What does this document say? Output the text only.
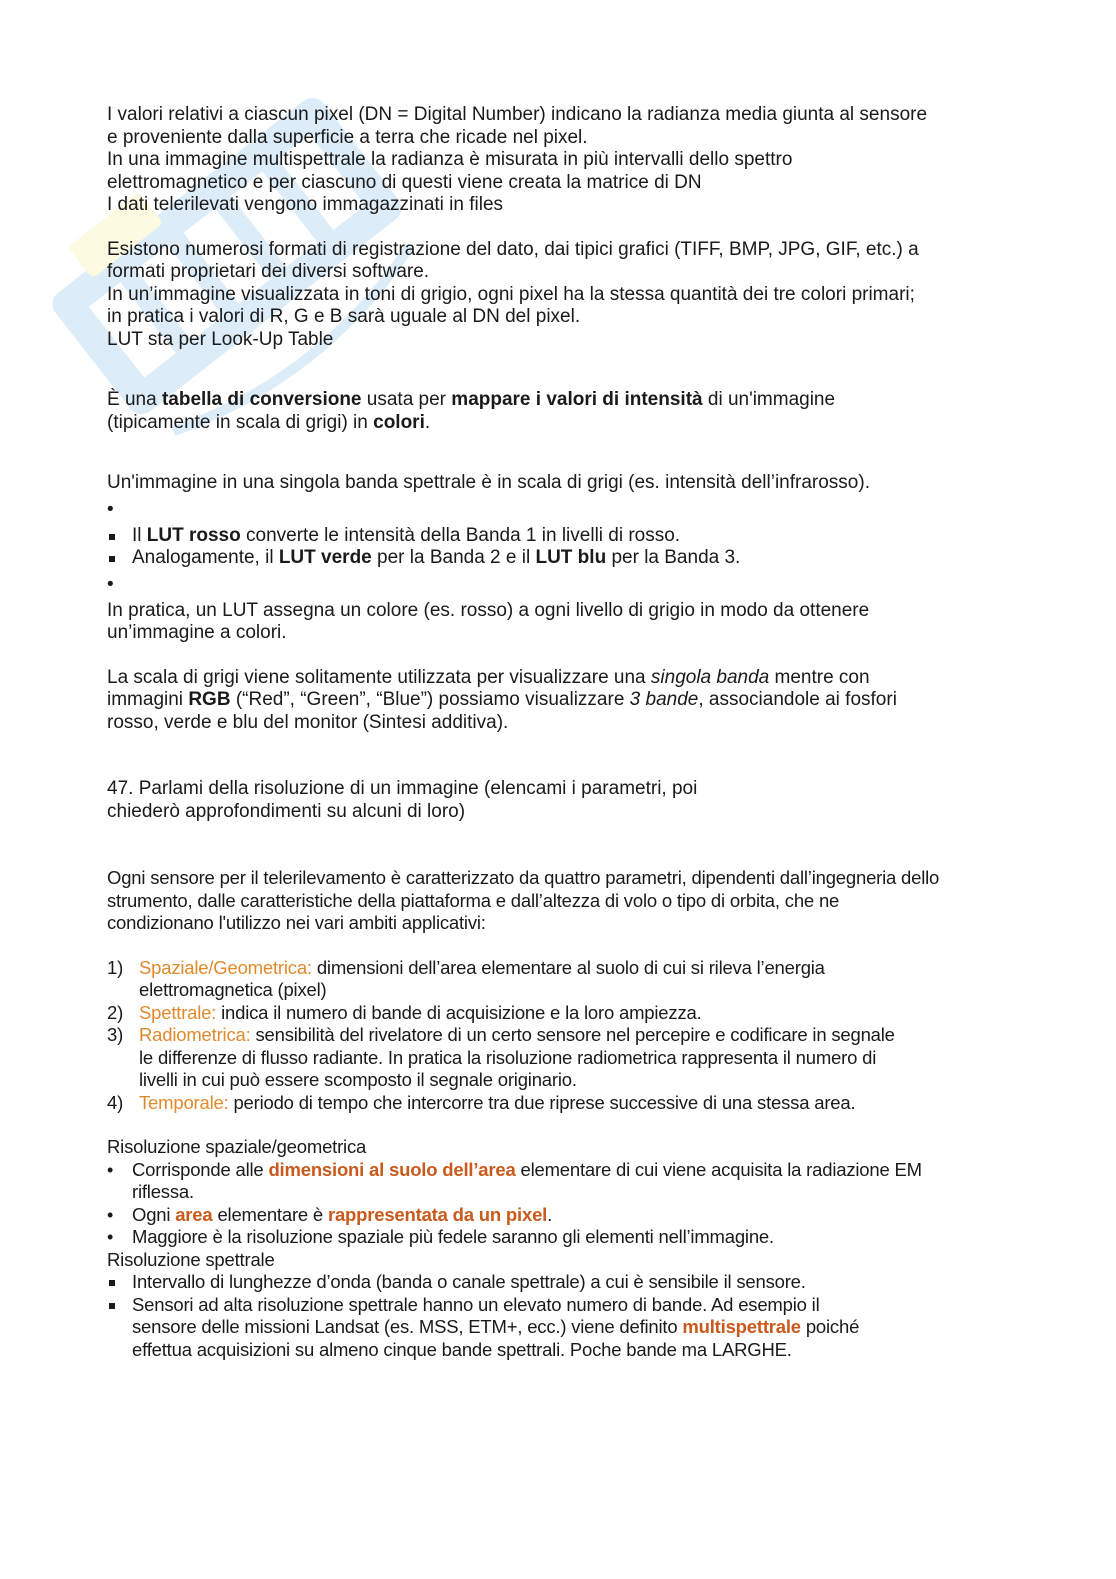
I valori relativi a ciascun pixel (DN = Digital Number) indicano la radianza media giunta al sensore

e proveniente dalla superficie a terra che ricade nel pixel.

In una immagine multispettrale la radianza è misurata in più intervalli dello spettro

elettromagnetico e per ciascuno di questi viene creata la matrice di DN

I dati telerilevati vengono immagazzinati in files

Esistono numerosi formati di registrazione del dato, dai tipici grafici (TIFF, BMP, JPG, GIF, etc.) a

formati proprietari dei diversi software.

In un’immagine visualizzata in toni di grigio, ogni pixel ha la stessa quantità dei tre colori primari;

in pratica i valori di R, G e B sarà uguale al DN del pixel.

LUT sta per Look-Up Table

È una tabella di conversione usata per mappare i valori di intensità di un'immagine

(tipicamente in scala di grigi) in colori.

Un'immagine in una singola banda spettrale è in scala di grigi (es. intensità dell’infrarosso).

•
Il LUT rosso converte le intensità della Banda 1 in livelli di rosso.
Analogamente, il LUT verde per la Banda 2 e il LUT blu per la Banda 3.
•

In pratica, un LUT assegna un colore (es. rosso) a ogni livello di grigio in modo da ottenere

un’immagine a colori.

La scala di grigi viene solitamente utilizzata per visualizzare una singola banda mentre con

immagini RGB (“Red”, “Green”, “Blue”) possiamo visualizzare 3 bande, associandole ai fosfori

rosso, verde e blu del monitor (Sintesi additiva).

47. Parlami della risoluzione di un immagine (elencami i parametri, poi

chiederò approfondimenti su alcuni di loro)

Ogni sensore per il telerilevamento è caratterizzato da quattro parametri, dipendenti dall’ingegneria dello

strumento, dalle caratteristiche della piattaforma e dall’altezza di volo o tipo di orbita, che ne

condizionano l'utilizzo nei vari ambiti applicativi:

1) Spaziale/Geometrica: dimensioni dell’area elementare al suolo di cui si rileva l’energia
elettromagnetica (pixel)
2) Spettrale: indica il numero di bande di acquisizione e la loro ampiezza.
3) Radiometrica: sensibilità del rivelatore di un certo sensore nel percepire e codificare in segnale
le differenze di flusso radiante. In pratica la risoluzione radiometrica rappresenta il numero di
livelli in cui può essere scomposto il segnale originario.
4) Temporale: periodo di tempo che intercorre tra due riprese successive di una stessa area.

Risoluzione spaziale/geometrica

• Corrisponde alle dimensioni al suolo dell’area elementare di cui viene acquisita la radiazione EM
riflessa.
• Ogni area elementare è rappresentata da un pixel.
• Maggiore è la risoluzione spaziale più fedele saranno gli elementi nell’immagine.

Risoluzione spettrale

Intervallo di lunghezze d’onda (banda o canale spettrale) a cui è sensibile il sensore.
Sensori ad alta risoluzione spettrale hanno un elevato numero di bande. Ad esempio il
sensore delle missioni Landsat (es. MSS, ETM+, ecc.) viene definito multispettrale poiché
effettua acquisizioni su almeno cinque bande spettrali. Poche bande ma LARGHE.
